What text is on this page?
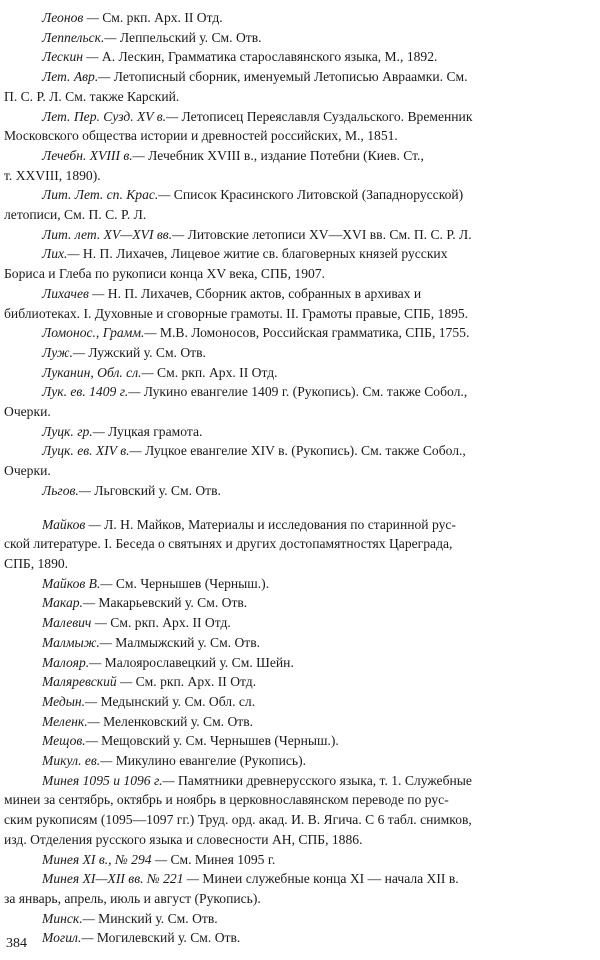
Леонов — См. ркп. Арх. II Отд.

Леппельск.— Леппельский у. См. Отв.

Лескин — А. Лескин, Грамматика старославянского языка, М., 1892.

Лет. Авр.— Летописный сборник, именуемый Летописью Авраамки. См.
П. С. Р. Л. См. также Карский.

Лет. Пер. Сузд. XV в.— Летописец Переяславля Суздальского. Временник
Московского общества истории и древностей российских, М., 1851.

Лечебн. XVIII в.— Лечебник XVIII в., издание Потебни (Киев. Ст.,
т. XXVIII, 1890).

Лит. Лет. сп. Крас.— Список Красинского Литовской (Западнорусской)
летописи, См. П. С. Р. Л.

Лит. лет. XV—XVI вв.— Литовские летописи XV—XVI вв. См. П. С. Р. Л.

Лих.— Н. П. Лихачев, Лицевое житие св. благоверных князей русских
Бориса и Глеба по рукописи конца XV века, СПБ, 1907.

Лихачев — Н. П. Лихачев, Сборник актов, собранных в архивах и
библиотеках. I. Духовные и сговорные грамоты. II. Грамоты правые, СПБ, 1895.

Ломонос., Грамм.— М.В. Ломоносов, Российская грамматика, СПБ, 1755.

Луж.— Лужский у. См. Отв.

Луканин, Обл. сл.— См. ркп. Арх. II Отд.

Лук. ев. 1409 г.— Лукино евангелие 1409 г. (Рукопись). См. также Собол.,
Очерки.

Луцк. гр.— Луцкая грамота.

Луцк. ев. XIV в.— Луцкое евангелие XIV в. (Рукопись). См. также Собол.,
Очерки.

Льгов.— Льговский у. См. Отв.

Майков — Л. Н. Майков, Материалы и исследования по старинной рус-
ской литературе. I. Беседа о святынях и других достопамятностях Цареграда,
СПБ, 1890.

Майков В.— См. Чернышев (Черныш.).

Макар.— Макарьевский у. См. Отв.

Малевич — См. ркп. Арх. II Отд.

Малмыж.— Малмыжский у. См. Отв.

Малояр.— Малоярославецкий у. См. Шейн.

Маляревский — См. ркп. Арх. II Отд.

Медын.— Медынский у. См. Обл. сл.

Меленк.— Меленковский у. См. Отв.

Мещов.— Мещовский у. См. Чернышев (Черныш.).

Микул. ев.— Микулино евангелие (Рукопись).

Минея 1095 и 1096 г.— Памятники древнерусского языка, т. 1. Служебные
минеи за сентябрь, октябрь и ноябрь в церковнославянском переводе по рус-
ским рукописям (1095—1097 гг.) Труд. орд. акад. И. В. Ягича. С 6 табл. снимков,
изд. Отделения русского языка и словесности АН, СПБ, 1886.

Минея XI в., № 294 — См. Минея 1095 г.

Минея XI—XII вв. № 221 — Минеи служебные конца XI — начала XII в.
за январь, апрель, июль и август (Рукопись).

Минск.— Минский у. См. Отв.

Могил.— Могилевский у. См. Отв.

384
